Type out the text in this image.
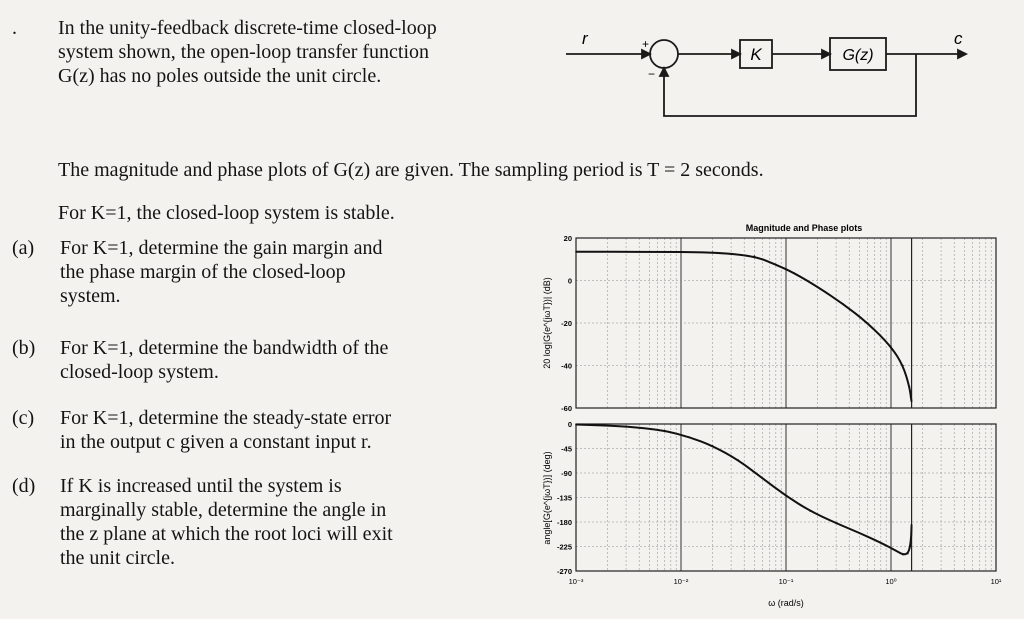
. In the unity-feedback discrete-time closed-loop
system shown, the open-loop transfer function
G(z) has no poles outside the unit circle.
r	+
−
K	G(z)
c
The magnitude and phase plots of G(z) are given. The sampling period is T = 2 seconds.
For K=1, the closed-loop system is stable.
(a)	For K=1, determine the gain margin and
the phase margin of the closed-loop
system.
(b)	For K=1, determine the bandwidth of the
closed-loop system.
(c)	For K=1, determine the steady-state error
in the output c given a constant input r.
(d)	If K is increased until the system is
marginally stable, determine the angle in
the z plane at which the root loci will exit
the unit circle.
Magnitude and Phase plots
20
0
-20
-40
-60
0
-45
-90
-135
-180
-225
-270
10⁻³	10⁻²	10⁻¹	10⁰	10¹
20 log|G(e^{jωT})| (dB)
angle[G(e^{jωT})] (deg)
ω (rad/s)
